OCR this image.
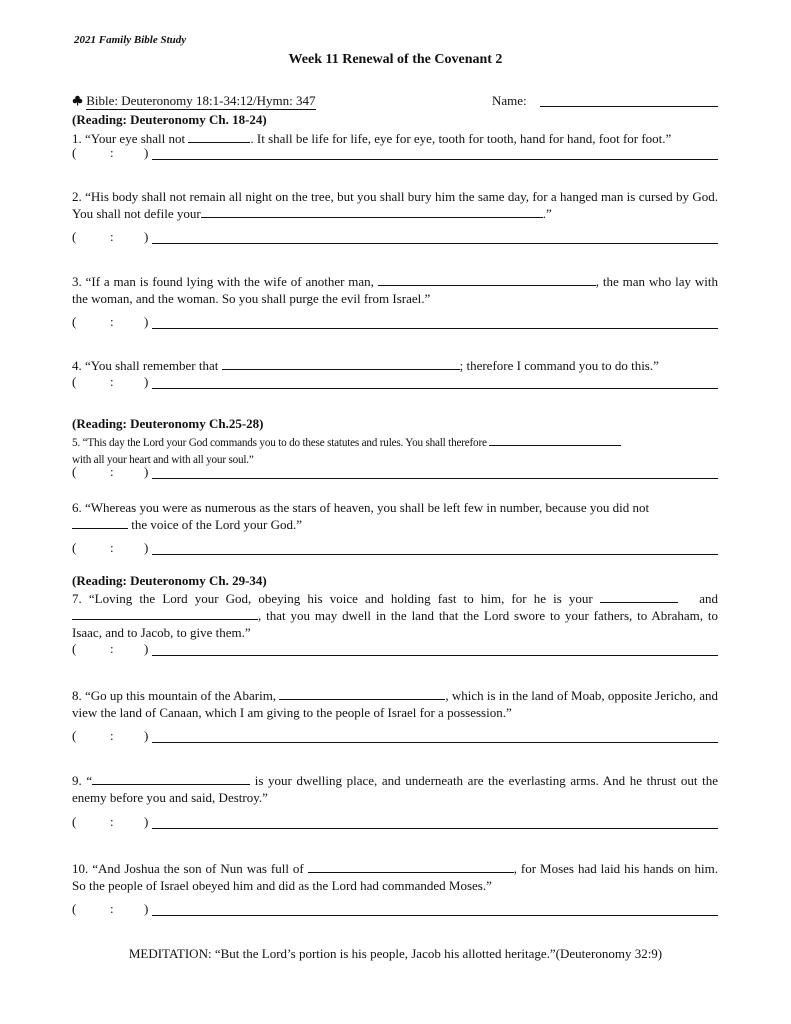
2021 Family Bible Study
Week 11 Renewal of the Covenant 2
Bible: Deuteronomy 18:1-34:12/Hymn: 347	Name:
(Reading: Deuteronomy Ch. 18-24)
1. “Your eye shall not	. It shall be life for life, eye for eye, tooth for tooth, hand for hand, foot for foot.”
(	: )
2. “His body shall not remain all night on the tree, but you shall bury him the same day, for a hanged man is cursed by God. You shall not defile your	.”
(	: )
3. “If a man is found lying with the wife of another man,	, the man who lay with the woman, and the woman. So you shall purge the evil from Israel.”
(	: )
4. “You shall remember that	; therefore I command you to do this.”
(	: )
(Reading: Deuteronomy Ch.25-28)
5. “This day the Lord your God commands you to do these statutes and rules. You shall therefore
with all your heart and with all your soul.”
(	: )
6. “Whereas you were as numerous as the stars of heaven, you shall be left few in number, because you did not
the voice of the Lord your God.”
(	: )
(Reading: Deuteronomy Ch. 29-34)
7. “Loving the Lord your God, obeying his voice and holding fast to him, for he is your	and , that you may dwell in the land that the Lord swore to your fathers, to Abraham, to Isaac, and to Jacob, to give them.”
(	: )
8. “Go up this mountain of the Abarim,	, which is in the land of Moab, opposite Jericho, and view the land of Canaan, which I am giving to the people of Israel for a possession.”
(	: )
9. “	is your dwelling place, and underneath are the everlasting arms. And he thrust out the enemy before you and said, Destroy.”
(	: )
10. “And Joshua the son of Nun was full of	, for Moses had laid his hands on him. So the people of Israel obeyed him and did as the Lord had commanded Moses.”
(	: )
MEDITATION: “But the Lord’s portion is his people, Jacob his allotted heritage.”(Deuteronomy 32:9)
